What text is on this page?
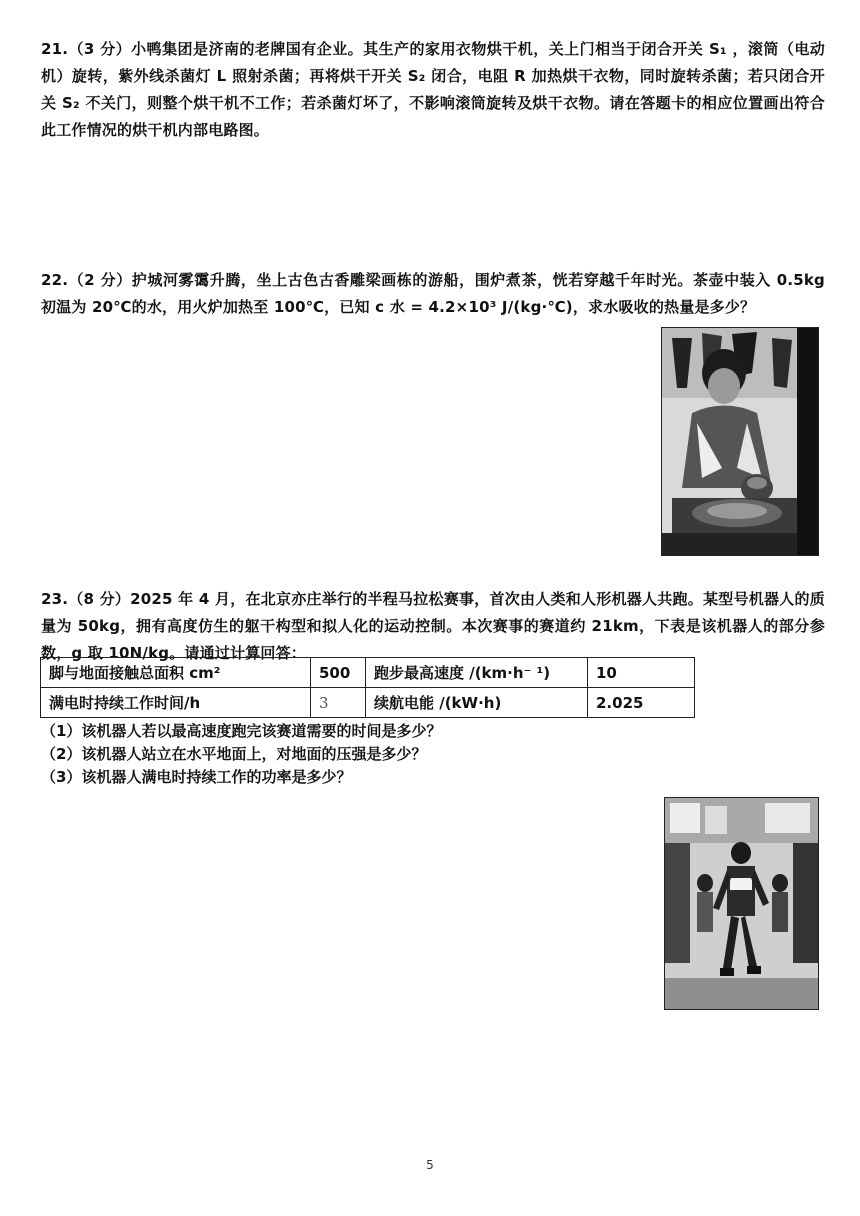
21.（3 分）小鸭集团是济南的老牌国有企业。其生产的家用衣物烘干机，关上门相当于闭合开关 S₁ ，滚筒（电动机）旋转，紫外线杀菌灯 L 照射杀菌；再将烘干开关 S₂ 闭合，电阻 R 加热烘干衣物，同时旋转杀菌；若只闭合开关 S₂ 不关门，则整个烘干机不工作；若杀菌灯坏了，不影响滚筒旋转及烘干衣物。请在答题卡的相应位置画出符合此工作情况的烘干机内部电路图。

22.（2 分）护城河雾霭升腾，坐上古色古香雕梁画栋的游船，围炉煮茶，恍若穿越千年时光。茶壶中装入 0.5kg 初温为 20℃的水，用火炉加热至 100℃，已知 c 水 = 4.2×10³ J/(kg·℃)，求水吸收的热量是多少？

23.（8 分）2025 年 4 月，在北京亦庄举行的半程马拉松赛事，首次由人类和人形机器人共跑。某型号机器人的质量为 50kg，拥有高度仿生的躯干构型和拟人化的运动控制。本次赛事的赛道约 21km，下表是该机器人的部分参数，g 取 10N/kg。请通过计算回答：

脚与地面接触总面积 cm²	500	跑步最高速度 /(km·h⁻ ¹)	10
满电时持续工作时间/h	3	续航电能 /(kW·h)	2.025
（1）该机器人若以最高速度跑完该赛道需要的时间是多少？
（2）该机器人站立在水平地面上，对地面的压强是多少？
（3）该机器人满电时持续工作的功率是多少？
5
